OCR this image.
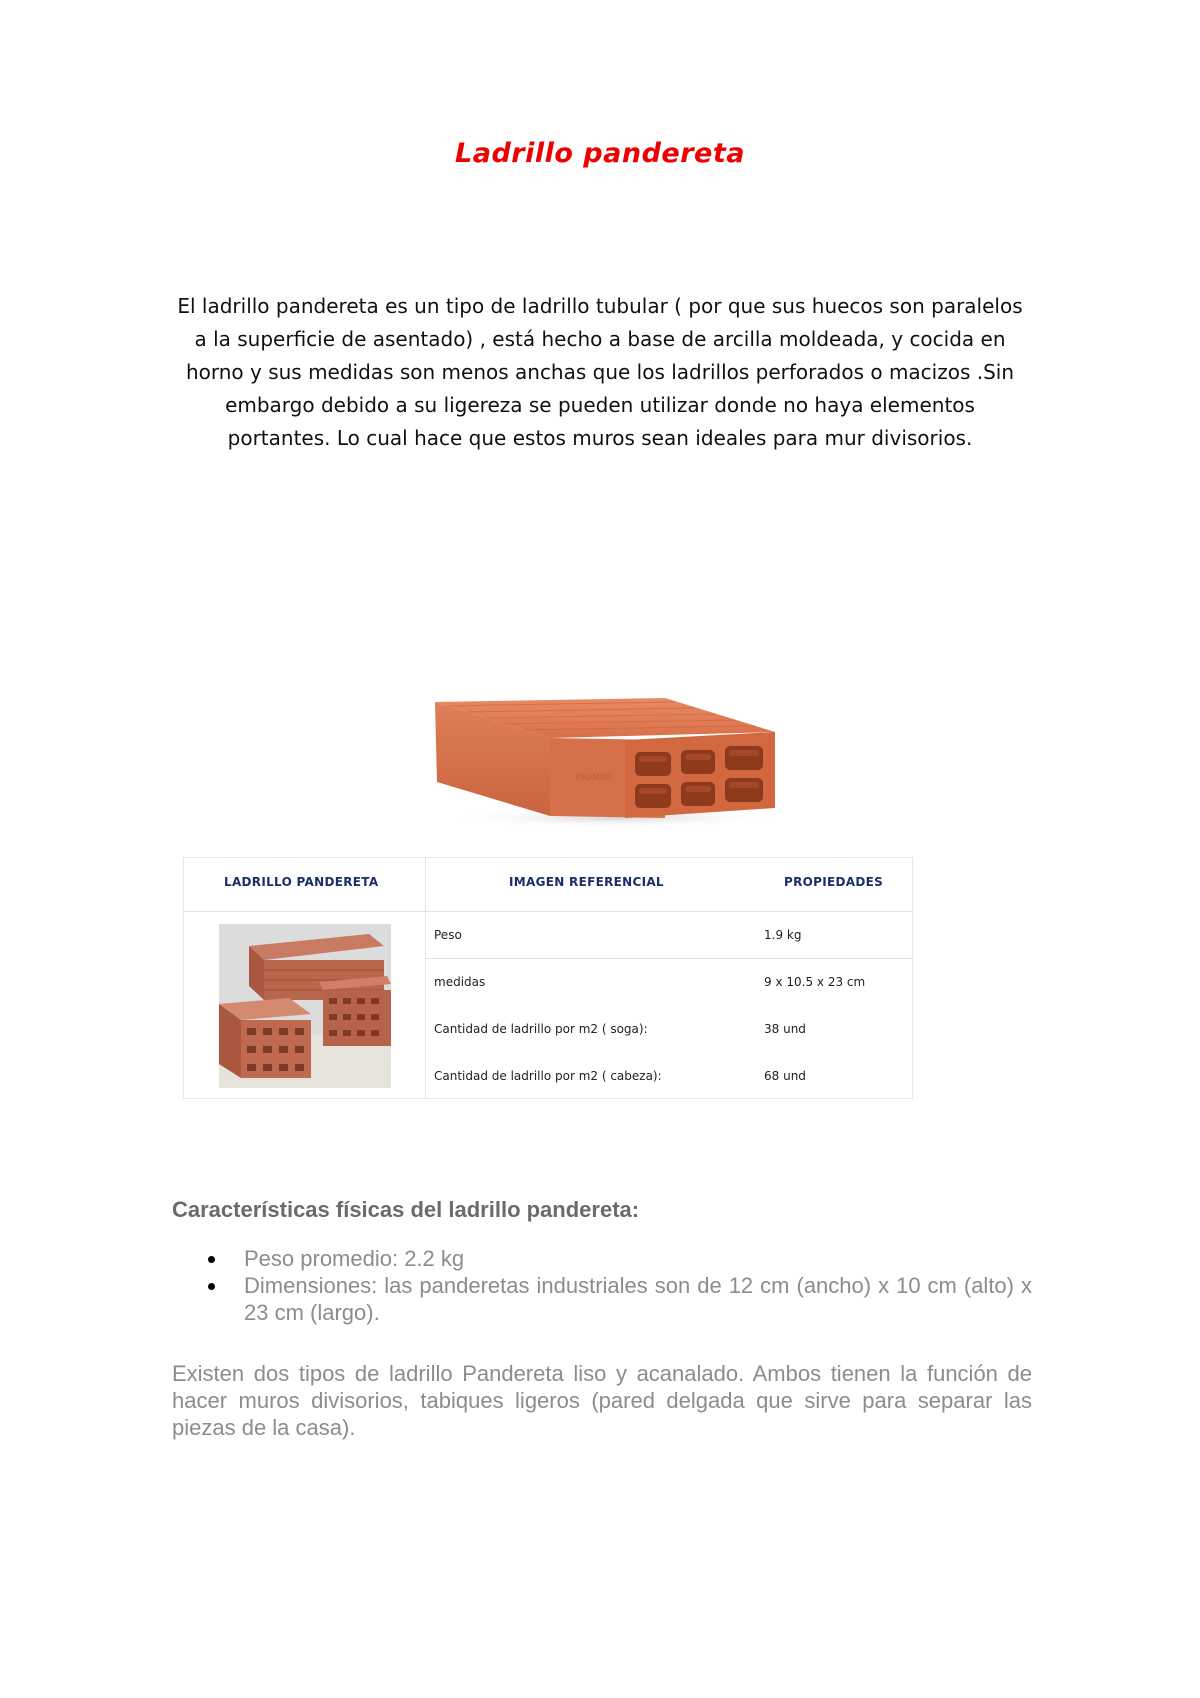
Ladrillo pandereta
El ladrillo pandereta es un tipo de ladrillo tubular ( por que sus huecos son paralelos a la superficie de asentado) , está hecho a base de arcilla moldeada, y cocida en horno y sus medidas son menos anchas que los ladrillos perforados o macizos .Sin embargo debido a su ligereza se pueden utilizar donde no haya elementos portantes. Lo cual hace que estos muros sean ideales para mur divisorios.
PIRAMIDE
LADRILLO PANDERETA	IMAGEN REFERENCIAL	PROPIEDADES
Peso	1.9 kg
medidas	9 x 10.5 x 23 cm
Cantidad de ladrillo por m2 ( soga):	38 und
Cantidad de ladrillo por m2 ( cabeza):	68 und
Características físicas del ladrillo pandereta:
Peso promedio: 2.2 kg
Dimensiones: las panderetas industriales son de 12 cm (ancho) x 10 cm (alto) x 23 cm (largo).
Existen dos tipos de ladrillo Pandereta liso y acanalado. Ambos tienen la función de hacer muros divisorios, tabiques ligeros (pared delgada que sirve para separar las piezas de la casa).
